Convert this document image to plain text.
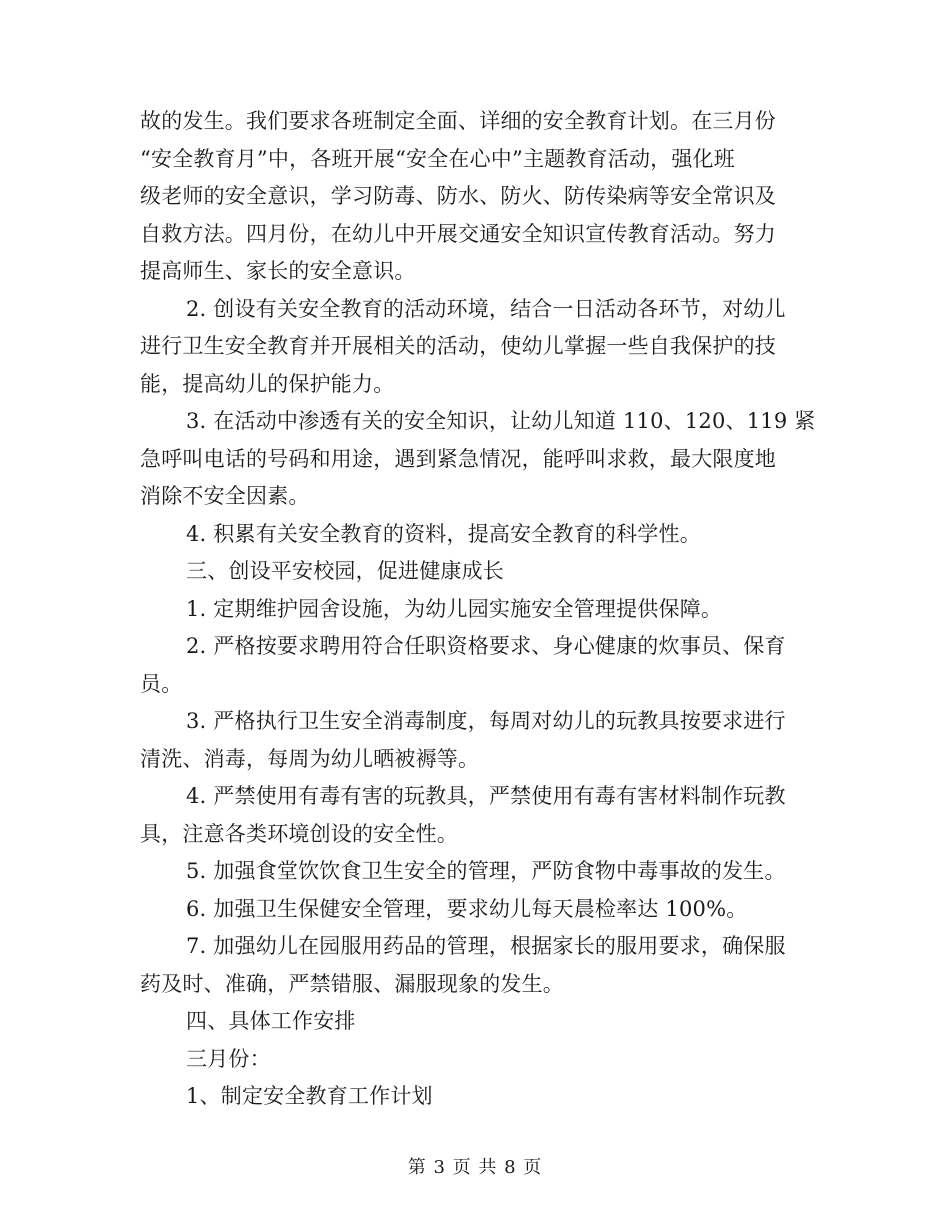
故的发生。我们要求各班制定全面、详细的安全教育计划。在三月份
“安全教育月”中，各班开展“安全在心中”主题教育活动，强化班
级老师的安全意识，学习防毒、防水、防火、防传染病等安全常识及
自救方法。四月份，在幼儿中开展交通安全知识宣传教育活动。努力
提高师生、家长的安全意识。
2. 创设有关安全教育的活动环境，结合一日活动各环节，对幼儿
进行卫生安全教育并开展相关的活动，使幼儿掌握一些自我保护的技
能，提高幼儿的保护能力。
3. 在活动中渗透有关的安全知识，让幼儿知道 110、120、119 紧
急呼叫电话的号码和用途，遇到紧急情况，能呼叫求救，最大限度地
消除不安全因素。
4. 积累有关安全教育的资料，提高安全教育的科学性。
三、创设平安校园，促进健康成长
1. 定期维护园舍设施，为幼儿园实施安全管理提供保障。
2. 严格按要求聘用符合任职资格要求、身心健康的炊事员、保育
员。
3. 严格执行卫生安全消毒制度，每周对幼儿的玩教具按要求进行
清洗、消毒，每周为幼儿晒被褥等。
4. 严禁使用有毒有害的玩教具，严禁使用有毒有害材料制作玩教
具，注意各类环境创设的安全性。
5. 加强食堂饮饮食卫生安全的管理，严防食物中毒事故的发生。
6. 加强卫生保健安全管理，要求幼儿每天晨检率达 100%。
7. 加强幼儿在园服用药品的管理，根据家长的服用要求，确保服
药及时、准确，严禁错服、漏服现象的发生。
四、具体工作安排
三月份：
1、制定安全教育工作计划
第 3 页 共 8 页
